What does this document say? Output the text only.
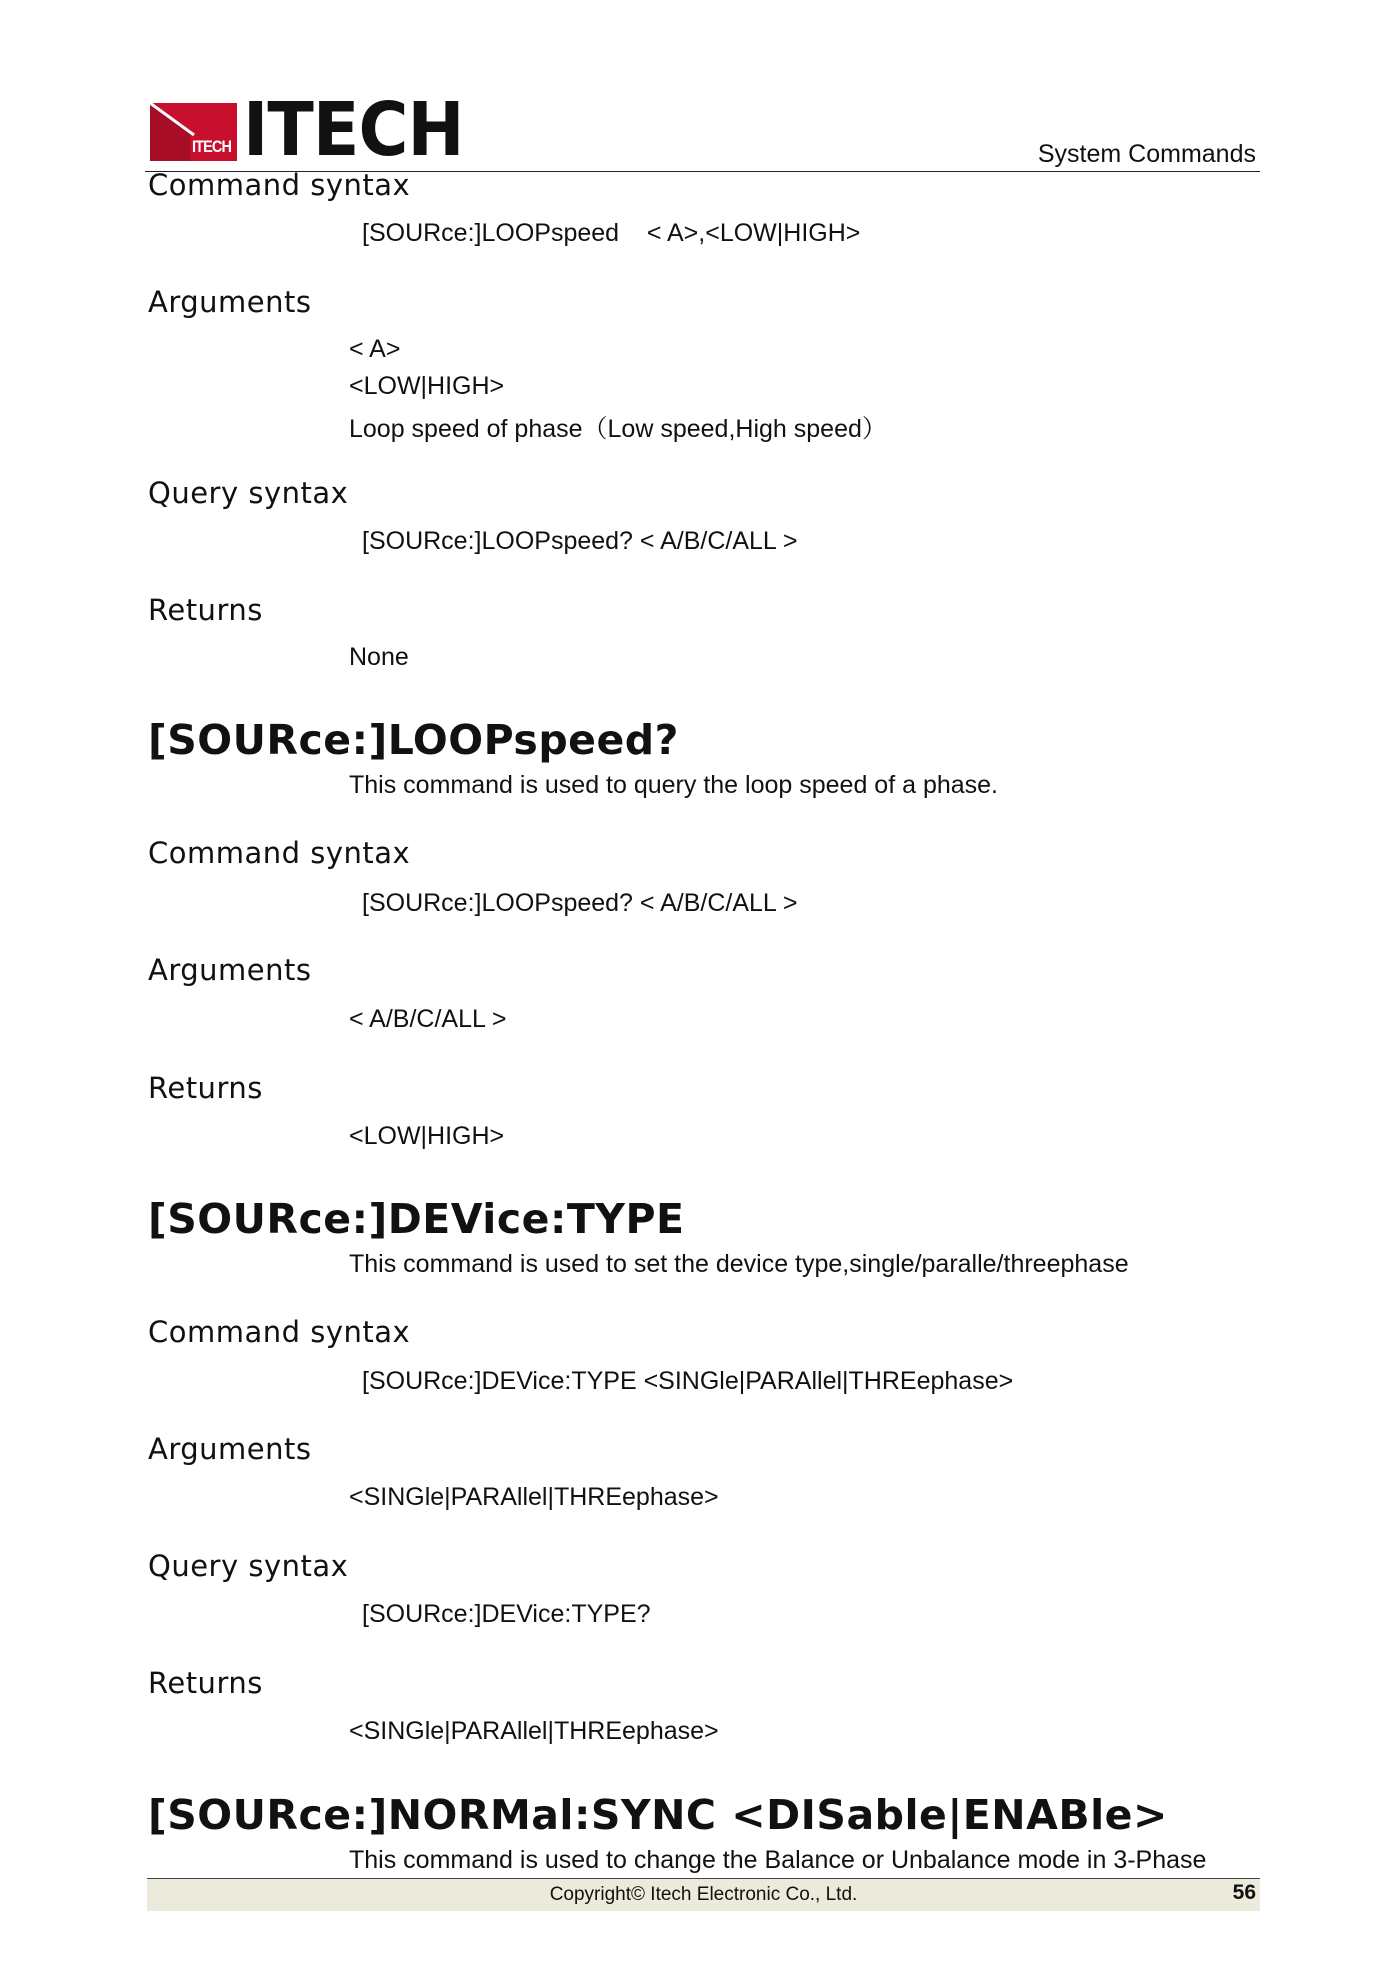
ITECH ITECH	System Commands
Command syntax
[SOURce:]LOOPspeed    < A>,<LOW|HIGH>
Arguments
< A>
<LOW|HIGH>
Loop speed of phase（Low speed,High speed）
Query syntax
[SOURce:]LOOPspeed? < A/B/C/ALL >
Returns
None
[SOURce:]LOOPspeed?
This command is used to query the loop speed of a phase.
Command syntax
[SOURce:]LOOPspeed? < A/B/C/ALL >
Arguments
< A/B/C/ALL >
Returns
<LOW|HIGH>
[SOURce:]DEVice:TYPE
This command is used to set the device type,single/paralle/threephase
Command syntax
[SOURce:]DEVice:TYPE <SINGle|PARAllel|THREephase>
Arguments
<SINGle|PARAllel|THREephase>
Query syntax
[SOURce:]DEVice:TYPE?
Returns
<SINGle|PARAllel|THREephase>
[SOURce:]NORMal:SYNC <DISable|ENABle>
This command is used to change the Balance or Unbalance mode in 3-Phase
Copyright© Itech Electronic Co., Ltd.	56
